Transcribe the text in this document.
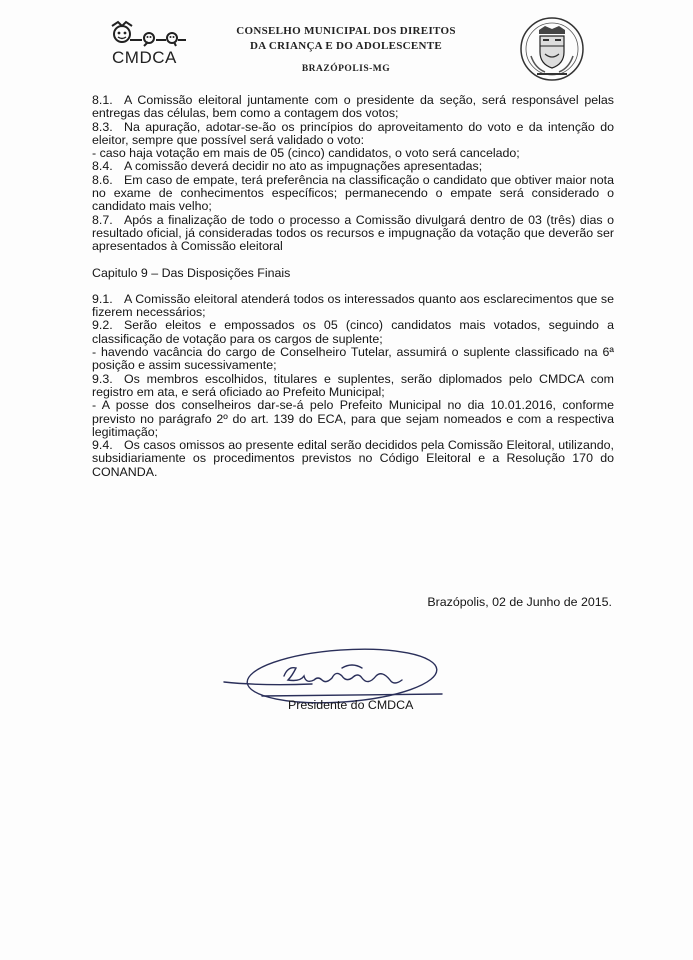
CMDCA
CONSELHO MUNICIPAL DOS DIREITOS
DA CRIANÇA E DO ADOLESCENTE
BRAZÓPOLIS-MG

8.1. A Comissão eleitoral juntamente com o presidente da seção, será responsável pelas entregas das células, bem como a contagem dos votos;

8.3. Na apuração, adotar-se-ão os princípios do aproveitamento do voto e da intenção do eleitor, sempre que possível será validado o voto:

- caso haja votação em mais de 05 (cinco) candidatos, o voto será cancelado;

8.4. A comissão deverá decidir no ato as impugnações apresentadas;

8.6. Em caso de empate, terá preferência na classificação o candidato que obtiver maior nota no exame de conhecimentos específicos; permanecendo o empate será considerado o candidato mais velho;

8.7. Após a finalização de todo o processo a Comissão divulgará dentro de 03 (três) dias o resultado oficial, já consideradas todos os recursos e impugnação da votação que deverão ser apresentados à Comissão eleitoral

Capitulo 9 – Das Disposições Finais

9.1. A Comissão eleitoral atenderá todos os interessados quanto aos esclarecimentos que se fizerem necessários;

9.2. Serão eleitos e empossados os 05 (cinco) candidatos mais votados, seguindo a classificação de votação para os cargos de suplente;

- havendo vacância do cargo de Conselheiro Tutelar, assumirá o suplente classificado na 6ª posição e assim sucessivamente;

9.3. Os membros escolhidos, titulares e suplentes, serão diplomados pelo CMDCA com registro em ata, e será oficiado ao Prefeito Municipal;

- A posse dos conselheiros dar-se-á pelo Prefeito Municipal no dia 10.01.2016, conforme previsto no parágrafo 2º do art. 139 do ECA, para que sejam nomeados e com a respectiva legitimação;

9.4. Os casos omissos ao presente edital serão decididos pela Comissão Eleitoral, utilizando, subsidiariamente os procedimentos previstos no Código Eleitoral e a Resolução 170 do CONANDA.

Brazópolis, 02 de Junho de 2015.
Presidente do CMDCA
